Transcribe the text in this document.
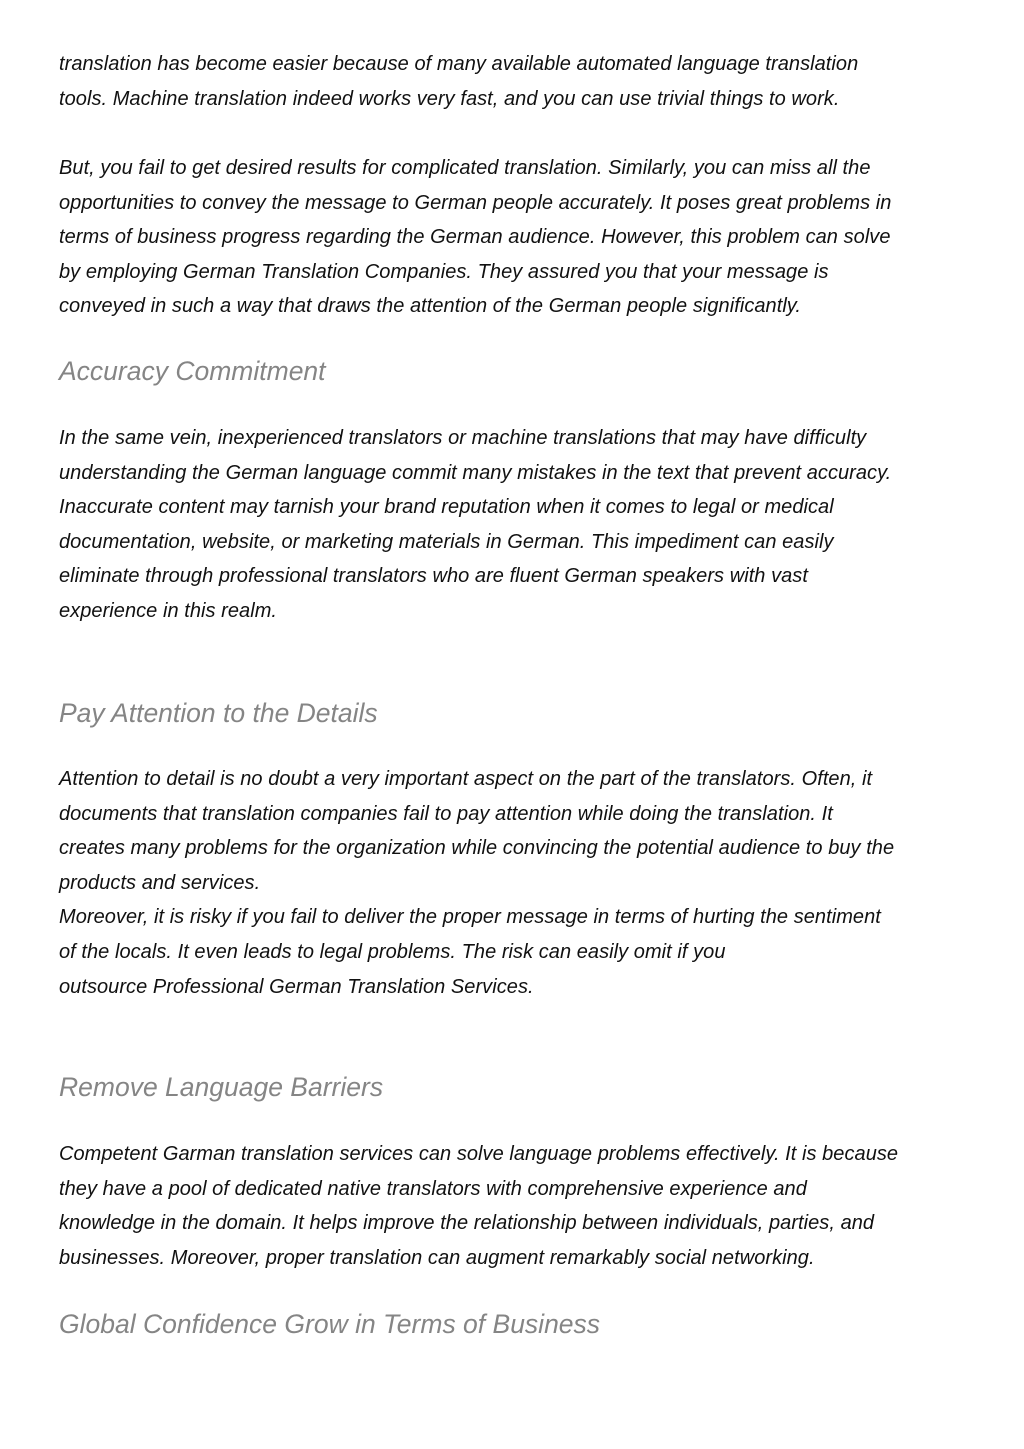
translation has become easier because of many available automated language translation
tools. Machine translation indeed works very fast, and you can use trivial things to work.

But, you fail to get desired results for complicated translation. Similarly, you can miss all the
opportunities to convey the message to German people accurately. It poses great problems in
terms of business progress regarding the German audience. However, this problem can solve
by employing German Translation Companies. They assured you that your message is
conveyed in such a way that draws the attention of the German people significantly.

Accuracy Commitment

In the same vein, inexperienced translators or machine translations that may have difficulty
understanding the German language commit many mistakes in the text that prevent accuracy.
Inaccurate content may tarnish your brand reputation when it comes to legal or medical
documentation, website, or marketing materials in German. This impediment can easily
eliminate through professional translators who are fluent German speakers with vast
experience in this realm.

Pay Attention to the Details

Attention to detail is no doubt a very important aspect on the part of the translators. Often, it
documents that translation companies fail to pay attention while doing the translation. It
creates many problems for the organization while convincing the potential audience to buy the
products and services.
Moreover, it is risky if you fail to deliver the proper message in terms of hurting the sentiment
of the locals. It even leads to legal problems. The risk can easily omit if you
outsource Professional German Translation Services.

Remove Language Barriers

Competent Garman translation services can solve language problems effectively. It is because
they have a pool of dedicated native translators with comprehensive experience and
knowledge in the domain. It helps improve the relationship between individuals, parties, and
businesses. Moreover, proper translation can augment remarkably social networking.

Global Confidence Grow in Terms of Business
